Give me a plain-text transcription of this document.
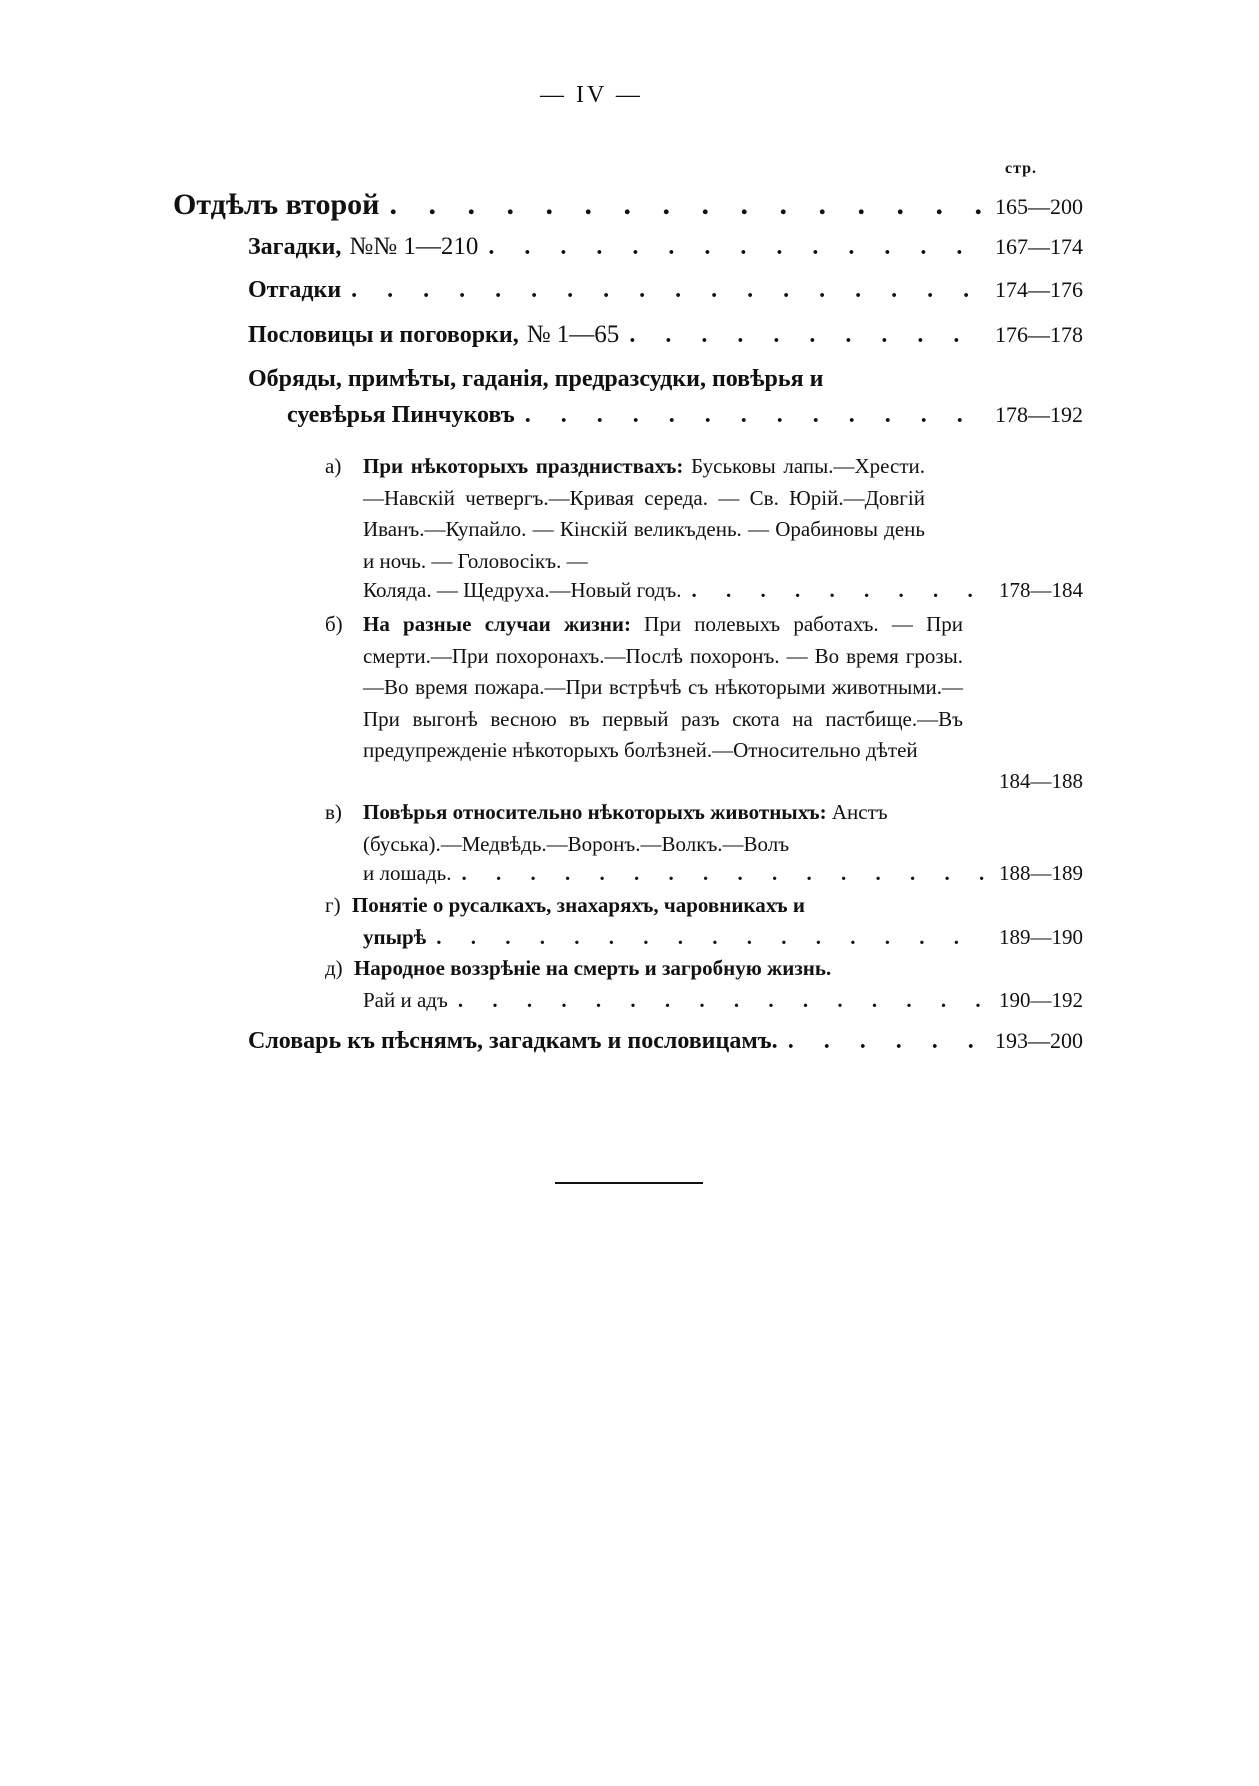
— IV —
стр.
Отдѣлъ второй . . .	165—200
Загадки, №№ 1—210 . . .	167—174
Отгадки . . .	174—176
Пословицы и поговорки, № 1—65 . . .	176—178
Обряды, примѣты, гаданія, предразсудки, повѣрья и
суевѣрья Пинчуковъ . . .	178—192
а) При нѣкоторыхъ праздниствахъ: Буськовы лапы.—Хрести.—Навскій четвергъ.—Кривая середа. — Св. Юрій.—Довгій Иванъ.—Купайло. — Кінскій великъдень. — Орабиновы день и ночь. — Головосікъ. —
Коляда. — Щедруха.—Новый годъ. . . .	178—184
б) На разные случаи жизни: При полевыхъ работахъ. — При смерти.—При похоронахъ.—Послѣ похоронъ. — Во время грозы.—Во время пожара.—При встрѣчѣ съ нѣкоторыми животными.— При выгонѣ весною въ первый разъ скота на пастбище.—Въ предупрежденіе нѣкоторыхъ болѣзней.—Относительно дѣтей
184—188
в) Повѣрья относительно нѣкоторыхъ животныхъ: Анстъ (буська).—Медвѣдь.—Воронъ.—Волкъ.—Волъ
и лошадь. . . .	188—189
г) Понятіе о русалкахъ, знахаряхъ, чаровникахъ и
упырѣ . . .	189—190
д) Народное воззрѣніе на смерть и загробную жизнь.
Рай и адъ . . .	190—192
Словарь къ пѣснямъ, загадкамъ и пословицамъ. . . .	193—200
